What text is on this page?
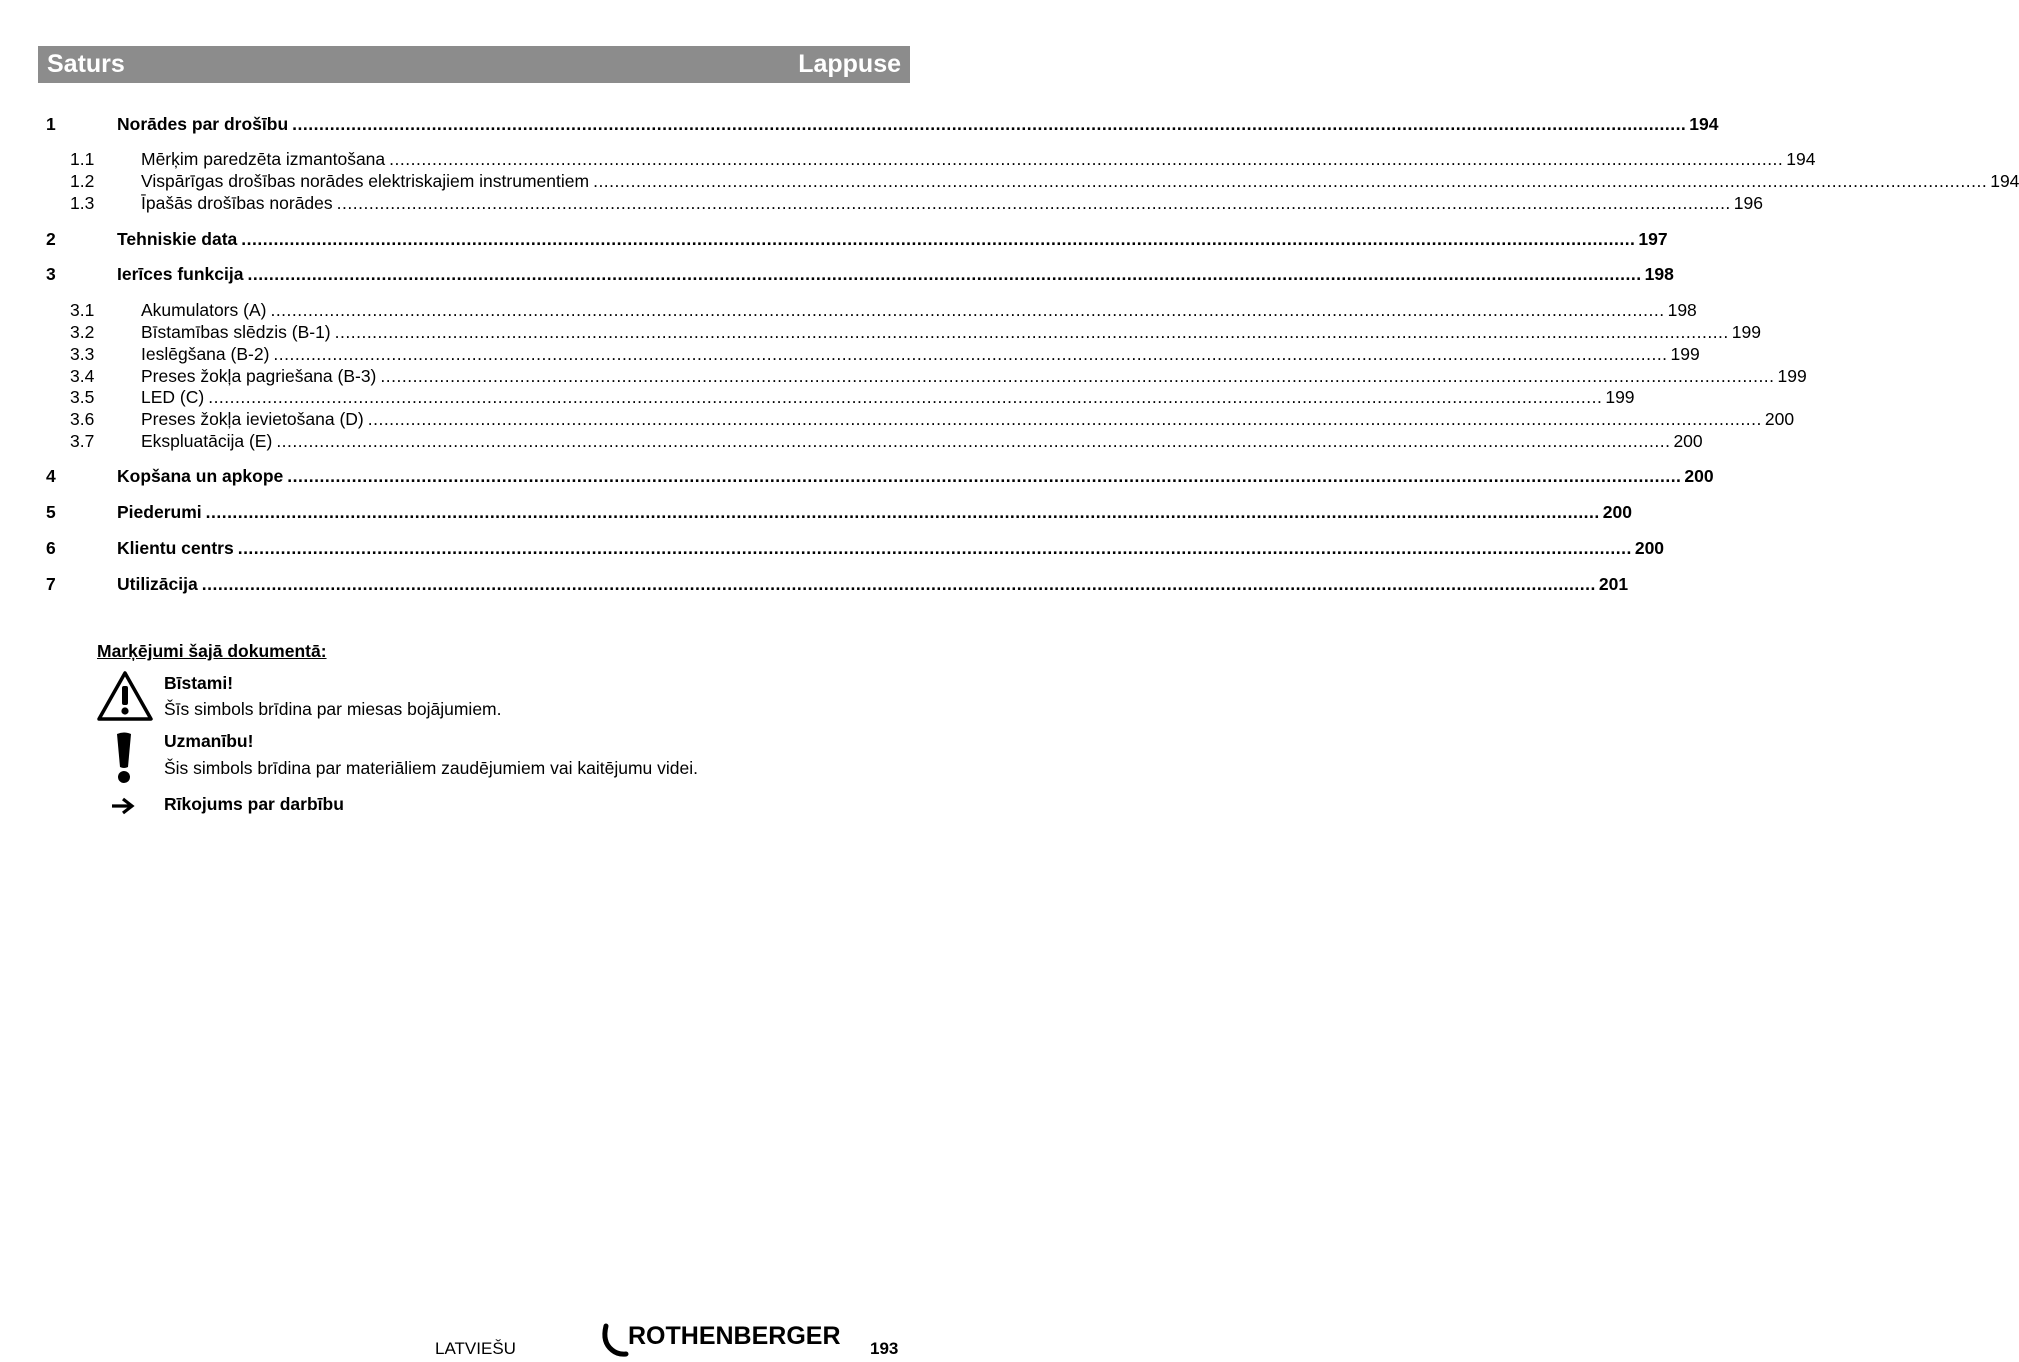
Saturs	Lappuse
1	Norādes par drošību .................................................................................................................................................................................................................................................................... 194
1.1	Mērķim paredzēta izmantošana .................................................................................................................................................................................................................................................................... 194
1.2	Vispārīgas drošības norādes elektriskajiem instrumentiem .................................................................................................................................................................................................................................................................... 194
1.3	Īpašās drošības norādes .................................................................................................................................................................................................................................................................... 196
2	Tehniskie data .................................................................................................................................................................................................................................................................... 197
3	Ierīces funkcija .................................................................................................................................................................................................................................................................... 198
3.1	Akumulators (A) .................................................................................................................................................................................................................................................................... 198
3.2	Bīstamības slēdzis (B-1) .................................................................................................................................................................................................................................................................... 199
3.3	Ieslēgšana (B-2) .................................................................................................................................................................................................................................................................... 199
3.4	Preses žokļa pagriešana (B-3) .................................................................................................................................................................................................................................................................... 199
3.5	LED (C) .................................................................................................................................................................................................................................................................... 199
3.6	Preses žokļa ievietošana (D) .................................................................................................................................................................................................................................................................... 200
3.7	Ekspluatācija (E) .................................................................................................................................................................................................................................................................... 200
4	Kopšana un apkope .................................................................................................................................................................................................................................................................... 200
5	Piederumi .................................................................................................................................................................................................................................................................... 200
6	Klientu centrs .................................................................................................................................................................................................................................................................... 200
7	Utilizācija .................................................................................................................................................................................................................................................................... 201
Marķējumi šajā dokumentā:
Bīstami!
Šīs simbols brīdina par miesas bojājumiem.
Uzmanību!
Šis simbols brīdina par materiāliem zaudējumiem vai kaitējumu videi.
Rīkojums par darbību
LATVIEŠU	ROTHENBERGER 193
